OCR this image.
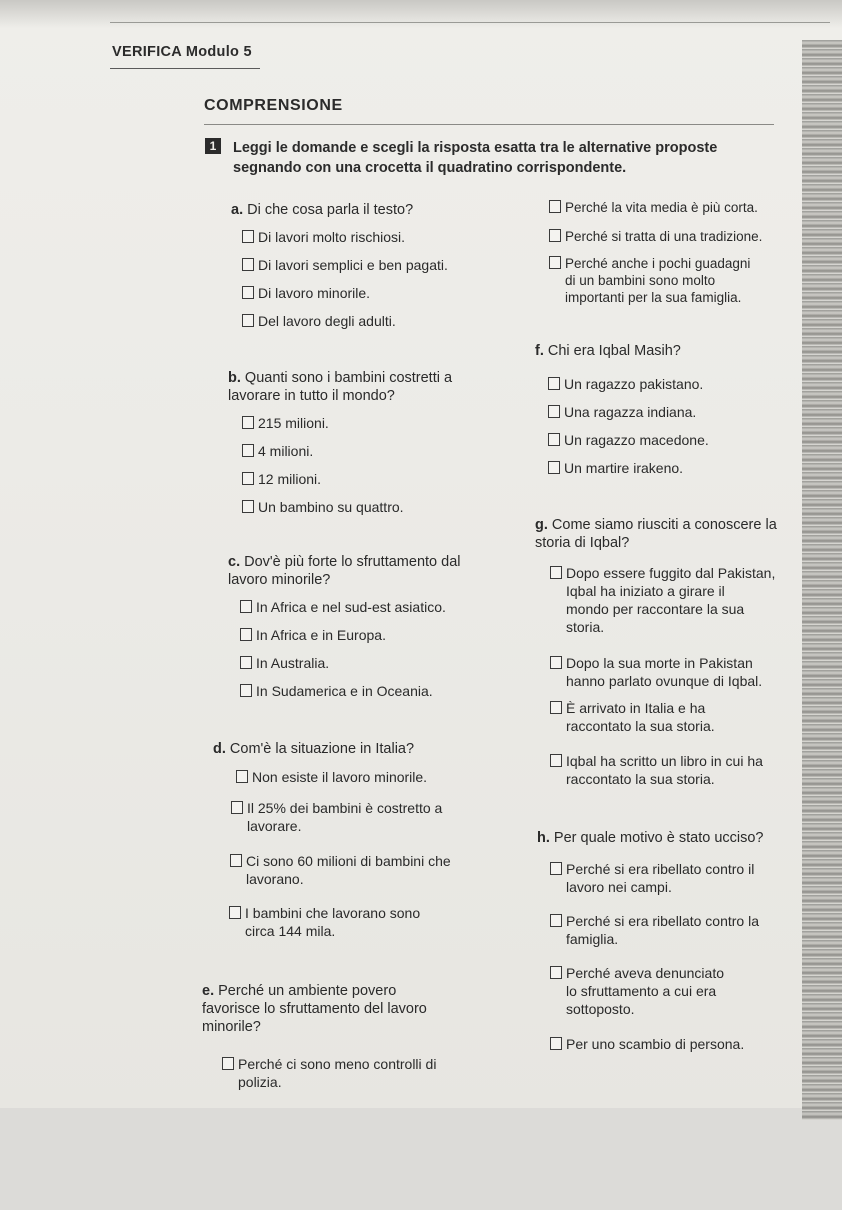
VERIFICA Modulo 5
COMPRENSIONE
1	Leggi le domande e scegli la risposta esatta tra le alternative proposte
segnando con una crocetta il quadratino corrispondente.
a. Di che cosa parla il testo?
Di lavori molto rischiosi.
Di lavori semplici e ben pagati.
Di lavoro minorile.
Del lavoro degli adulti.
b. Quanti sono i bambini costretti a
lavorare in tutto il mondo?
215 milioni.
4 milioni.
12 milioni.
Un bambino su quattro.
c. Dov'è più forte lo sfruttamento dal
lavoro minorile?
In Africa e nel sud-est asiatico.
In Africa e in Europa.
In Australia.
In Sudamerica e in Oceania.
d. Com'è la situazione in Italia?
Non esiste il lavoro minorile.
Il 25% dei bambini è costretto a
lavorare.
Ci sono 60 milioni di bambini che
lavorano.
I bambini che lavorano sono
circa 144 mila.
e. Perché un ambiente povero
favorisce lo sfruttamento del lavoro
minorile?
Perché ci sono meno controlli di
polizia.
Perché la vita media è più corta.
Perché si tratta di una tradizione.
Perché anche i pochi guadagni
di un bambini sono molto
importanti per la sua famiglia.
f. Chi era Iqbal Masih?
Un ragazzo pakistano.
Una ragazza indiana.
Un ragazzo macedone.
Un martire irakeno.
g. Come siamo riusciti a conoscere la
storia di Iqbal?
Dopo essere fuggito dal Pakistan,
Iqbal ha iniziato a girare il
mondo per raccontare la sua
storia.
Dopo la sua morte in Pakistan
hanno parlato ovunque di Iqbal.
È arrivato in Italia e ha
raccontato la sua storia.
Iqbal ha scritto un libro in cui ha
raccontato la sua storia.
h. Per quale motivo è stato ucciso?
Perché si era ribellato contro il
lavoro nei campi.
Perché si era ribellato contro la
famiglia.
Perché aveva denunciato
lo sfruttamento a cui era
sottoposto.
Per uno scambio di persona.
